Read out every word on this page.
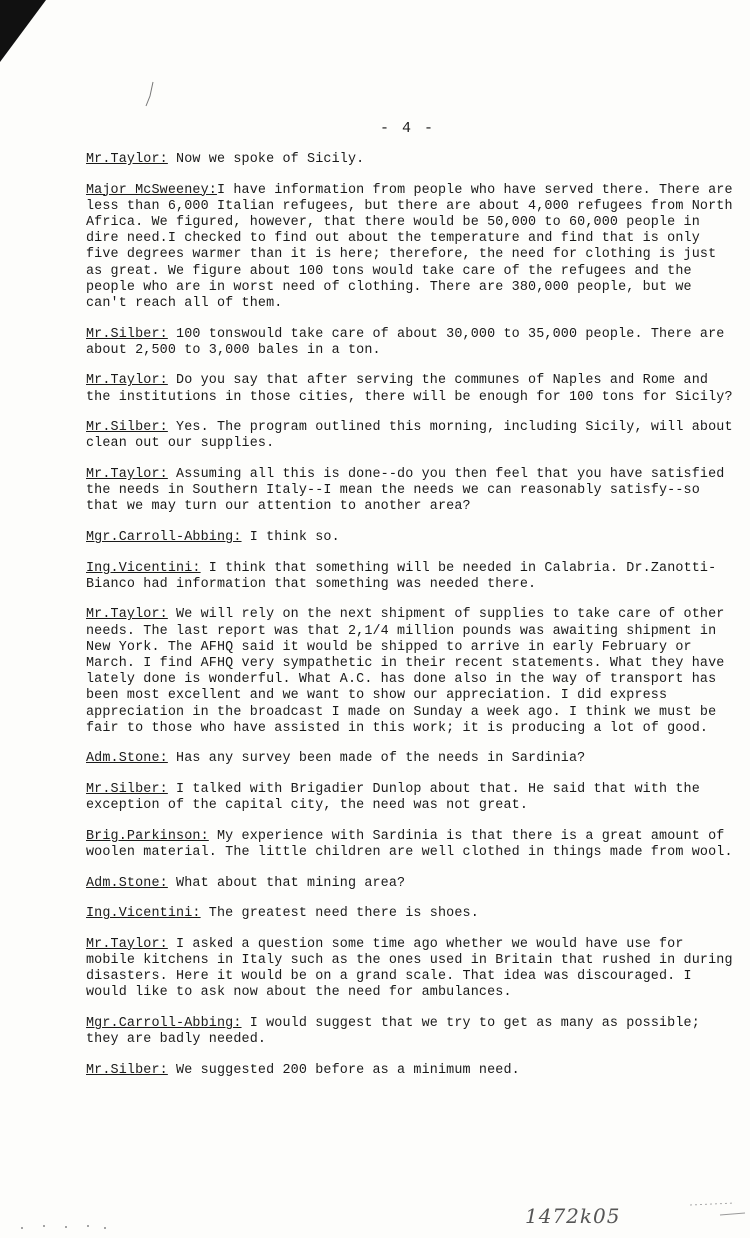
- 4 -

Mr.Taylor: Now we spoke of Sicily.

Major McSweeney:I have information from people who have served there. There are less than 6,000 Italian refugees, but there are about 4,000 refugees from North Africa. We figured, however, that there would be 50,000 to 60,000 people in dire need.I checked to find out about the temperature and find that is only five degrees warmer than it is here; therefore, the need for clothing is just as great. We figure about 100 tons would take care of the refugees and the people who are in worst need of clothing. There are 380,000 people, but we can't reach all of them.

Mr.Silber: 100 tonswould take care of about 30,000 to 35,000 people. There are about 2,500 to 3,000 bales in a ton.

Mr.Taylor: Do you say that after serving the communes of Naples and Rome and the institutions in those cities, there will be enough for 100 tons for Sicily?

Mr.Silber: Yes. The program outlined this morning, including Sicily, will about clean out our supplies.

Mr.Taylor: Assuming all this is done--do you then feel that you have satisfied the needs in Southern Italy--I mean the needs we can reasonably satisfy--so that we may turn our attention to another area?

Mgr.Carroll-Abbing: I think so.

Ing.Vicentini: I think that something will be needed in Calabria. Dr.Zanotti-Bianco had information that something was needed there.

Mr.Taylor: We will rely on the next shipment of supplies to take care of other needs. The last report was that 2,1/4 million pounds was awaiting shipment in New York. The AFHQ said it would be shipped to arrive in early February or March. I find AFHQ very sympathetic in their recent statements. What they have lately done is wonderful. What A.C. has done also in the way of transport has been most excellent and we want to show our appreciation. I did express appreciation in the broadcast I made on Sunday a week ago. I think we must be fair to those who have assisted in this work; it is producing a lot of good.

Adm.Stone: Has any survey been made of the needs in Sardinia?

Mr.Silber: I talked with Brigadier Dunlop about that. He said that with the exception of the capital city, the need was not great.

Brig.Parkinson: My experience with Sardinia is that there is a great amount of woolen material. The little children are well clothed in things made from wool.

Adm.Stone: What about that mining area?

Ing.Vicentini: The greatest need there is shoes.

Mr.Taylor: I asked a question some time ago whether we would have use for mobile kitchens in Italy such as the ones used in Britain that rushed in during disasters. Here it would be on a grand scale. That idea was discouraged. I would like to ask now about the need for ambulances.

Mgr.Carroll-Abbing: I would suggest that we try to get as many as possible; they are badly needed.

Mr.Silber: We suggested 200 before as a minimum need.

1472k05
